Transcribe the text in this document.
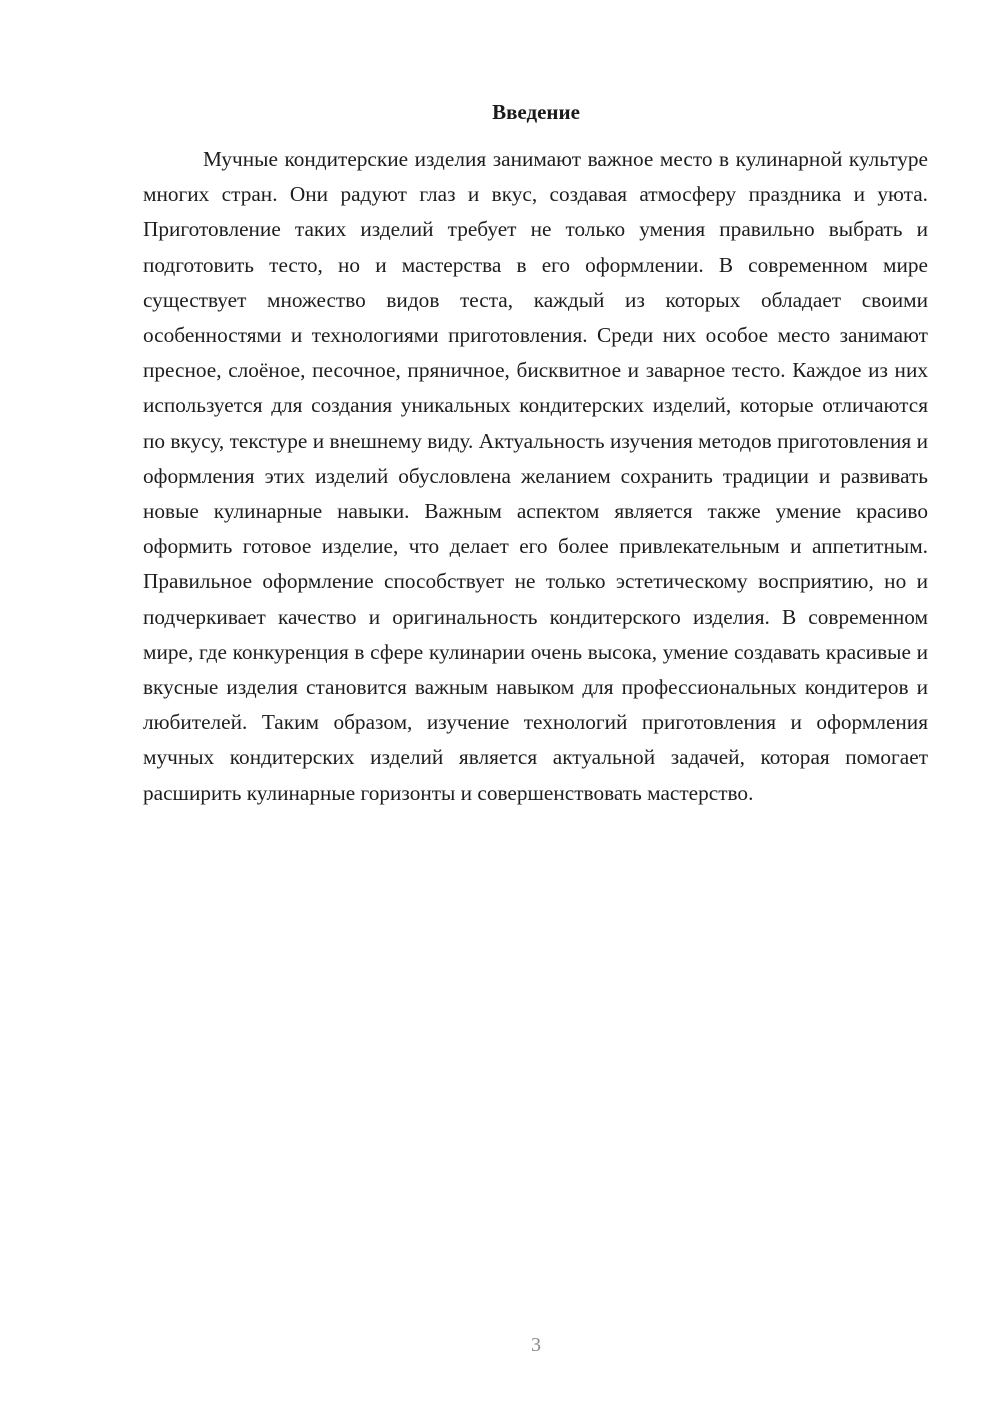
Введение

Мучные кондитерские изделия занимают важное место в кулинарной культуре многих стран. Они радуют глаз и вкус, создавая атмосферу праздника и уюта. Приготовление таких изделий требует не только умения правильно выбрать и подготовить тесто, но и мастерства в его оформлении. В современном мире существует множество видов теста, каждый из которых обладает своими особенностями и технологиями приготовления. Среди них особое место занимают пресное, слоёное, песочное, пряничное, бисквитное и заварное тесто. Каждое из них используется для создания уникальных кондитерских изделий, которые отличаются по вкусу, текстуре и внешнему виду. Актуальность изучения методов приготовления и оформления этих изделий обусловлена желанием сохранить традиции и развивать новые кулинарные навыки. Важным аспектом является также умение красиво оформить готовое изделие, что делает его более привлекательным и аппетитным. Правильное оформление способствует не только эстетическому восприятию, но и подчеркивает качество и оригинальность кондитерского изделия. В современном мире, где конкуренция в сфере кулинарии очень высока, умение создавать красивые и вкусные изделия становится важным навыком для профессиональных кондитеров и любителей. Таким образом, изучение технологий приготовления и оформления мучных кондитерских изделий является актуальной задачей, которая помогает расширить кулинарные горизонты и совершенствовать мастерство.

3
